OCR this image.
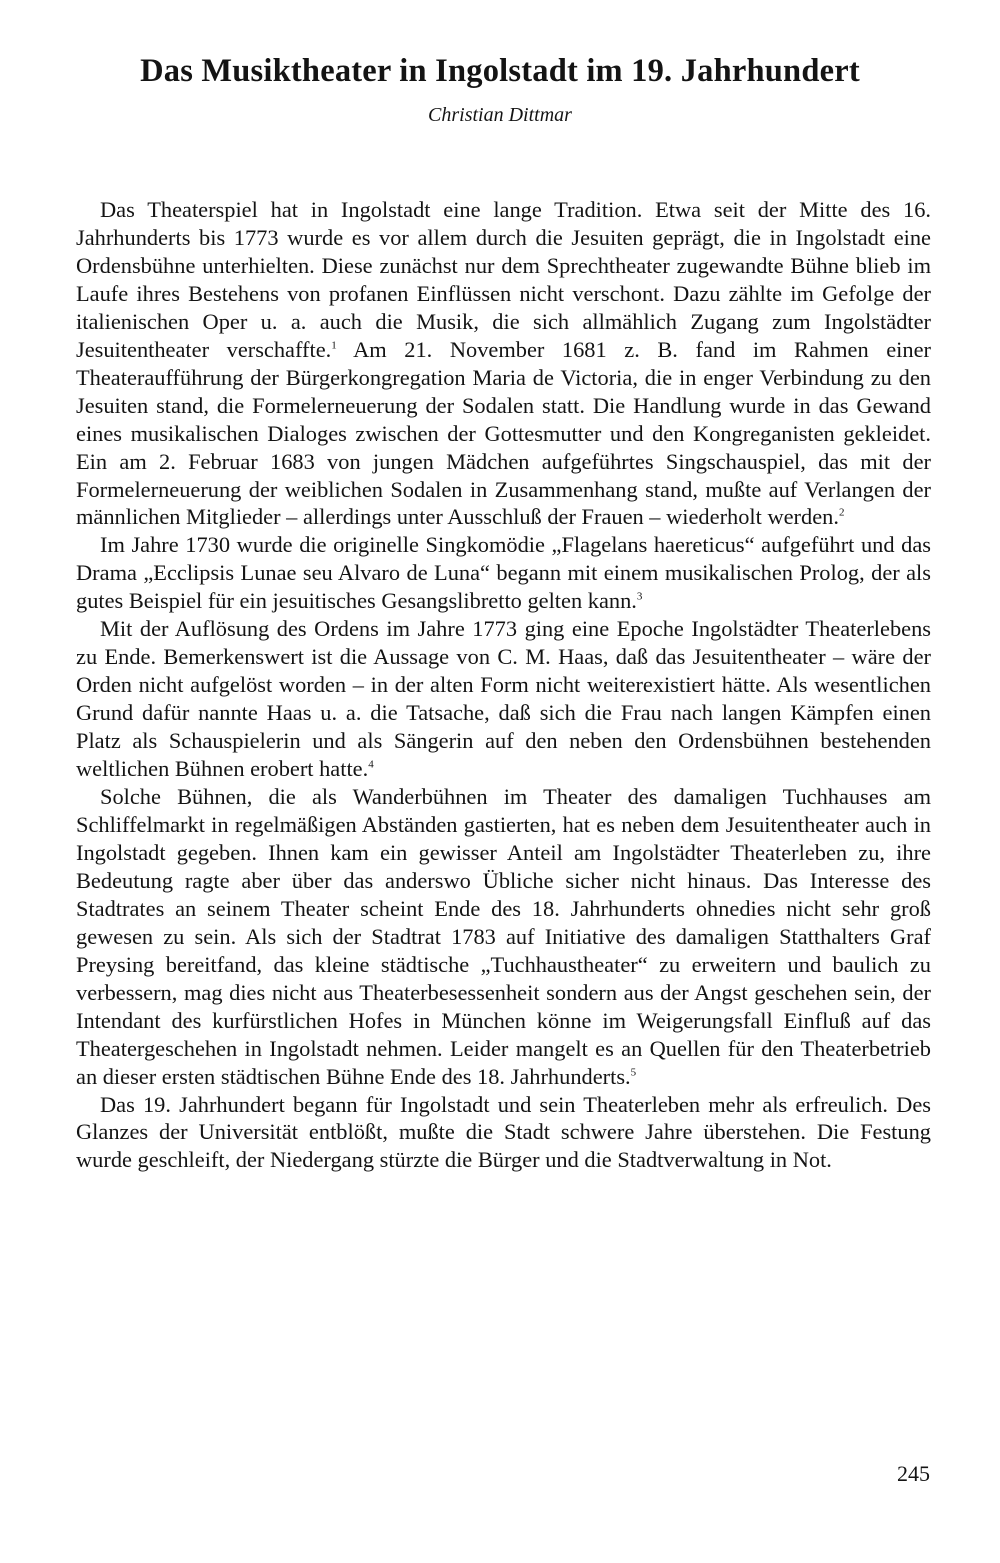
Das Musiktheater in Ingolstadt im 19. Jahrhundert

Christian Dittmar

Das Theaterspiel hat in Ingolstadt eine lange Tradition. Etwa seit der Mitte des 16. Jahrhunderts bis 1773 wurde es vor allem durch die Jesuiten geprägt, die in Ingolstadt eine Ordensbühne unterhielten. Diese zunächst nur dem Sprechtheater zugewandte Bühne blieb im Laufe ihres Bestehens von profanen Einflüssen nicht verschont. Dazu zählte im Gefolge der italienischen Oper u. a. auch die Musik, die sich allmählich Zugang zum Ingolstädter Jesuitentheater verschaffte.$^1$ Am 21. November 1681 z. B. fand im Rahmen einer Theateraufführung der Bürgerkongregation Maria de Victoria, die in enger Verbindung zu den Jesuiten stand, die Formelerneuerung der Sodalen statt. Die Handlung wurde in das Gewand eines musikalischen Dialoges zwischen der Gottesmutter und den Kongreganisten gekleidet. Ein am 2. Februar 1683 von jungen Mädchen aufgeführtes Singschauspiel, das mit der Formelerneuerung der weiblichen Sodalen in Zusammenhang stand, mußte auf Verlangen der männlichen Mitglieder – allerdings unter Ausschluß der Frauen – wiederholt werden.$^2$

Im Jahre 1730 wurde die originelle Singkomödie „Flagelans haereticus“ aufgeführt und das Drama „Ecclipsis Lunae seu Alvaro de Luna“ begann mit einem musikalischen Prolog, der als gutes Beispiel für ein jesuitisches Gesangslibretto gelten kann.$^3$

Mit der Auflösung des Ordens im Jahre 1773 ging eine Epoche Ingolstädter Theaterlebens zu Ende. Bemerkenswert ist die Aussage von C. M. Haas, daß das Jesuitentheater – wäre der Orden nicht aufgelöst worden – in der alten Form nicht weiterexistiert hätte. Als wesentlichen Grund dafür nannte Haas u. a. die Tatsache, daß sich die Frau nach langen Kämpfen einen Platz als Schauspielerin und als Sängerin auf den neben den Ordensbühnen bestehenden weltlichen Bühnen erobert hatte.$^4$

Solche Bühnen, die als Wanderbühnen im Theater des damaligen Tuchhauses am Schliffelmarkt in regelmäßigen Abständen gastierten, hat es neben dem Jesuitentheater auch in Ingolstadt gegeben. Ihnen kam ein gewisser Anteil am Ingolstädter Theaterleben zu, ihre Bedeutung ragte aber über das anderswo Übliche sicher nicht hinaus. Das Interesse des Stadtrates an seinem Theater scheint Ende des 18. Jahrhunderts ohnedies nicht sehr groß gewesen zu sein. Als sich der Stadtrat 1783 auf Initiative des damaligen Statthalters Graf Preysing bereitfand, das kleine städtische „Tuchhaustheater“ zu erweitern und baulich zu verbessern, mag dies nicht aus Theaterbesessenheit sondern aus der Angst geschehen sein, der Intendant des kurfürstlichen Hofes in München könne im Weigerungsfall Einfluß auf das Theatergeschehen in Ingolstadt nehmen. Leider mangelt es an Quellen für den Theaterbetrieb an dieser ersten städtischen Bühne Ende des 18. Jahrhunderts.$^5$

Das 19. Jahrhundert begann für Ingolstadt und sein Theaterleben mehr als erfreulich. Des Glanzes der Universität entblößt, mußte die Stadt schwere Jahre überstehen. Die Festung wurde geschleift, der Niedergang stürzte die Bürger und die Stadtverwaltung in Not.

245
